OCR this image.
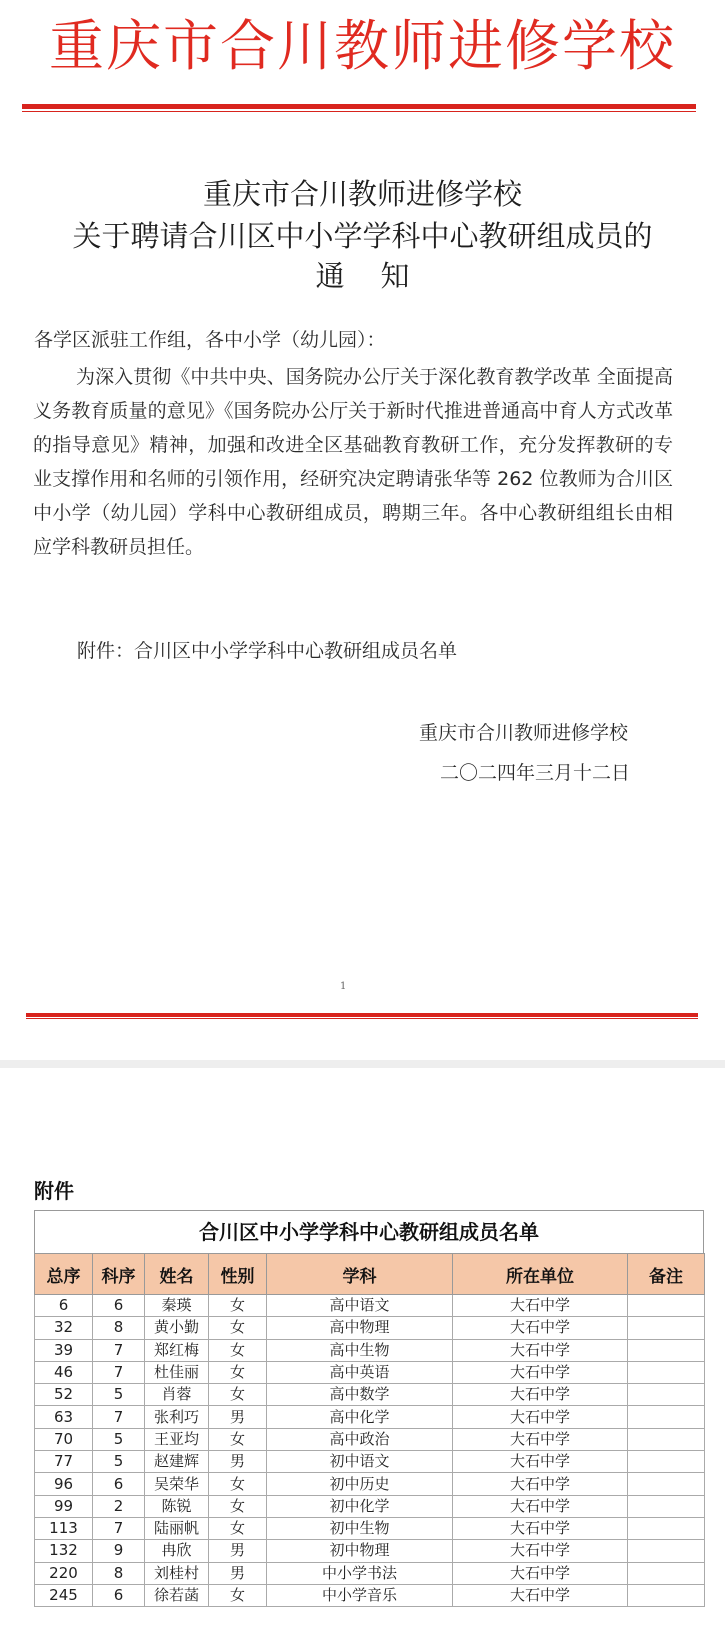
重庆市合川教师进修学校
重庆市合川教师进修学校
关于聘请合川区中小学学科中心教研组成员的
通知
各学区派驻工作组，各中小学（幼儿园）：
为深入贯彻《中共中央、国务院办公厅关于深化教育教学改革 全面提高义务教育质量的意见》《国务院办公厅关于新时代推进普通高中育人方式改革的指导意见》精神，加强和改进全区基础教育教研工作，充分发挥教研的专业支撑作用和名师的引领作用，经研究决定聘请张华等 262 位教师为合川区中小学（幼儿园）学科中心教研组成员，聘期三年。各中心教研组组长由相应学科教研员担任。
附件：合川区中小学学科中心教研组成员名单
重庆市合川教师进修学校
二〇二四年三月十二日
1
附件
合川区中小学学科中心教研组成员名单
总序	科序	姓名	性别	学科	所在单位	备注
6	6	秦瑛	女	高中语文	大石中学	
32	8	黄小勤	女	高中物理	大石中学	
39	7	郑红梅	女	高中生物	大石中学	
46	7	杜佳丽	女	高中英语	大石中学	
52	5	肖蓉	女	高中数学	大石中学	
63	7	张利巧	男	高中化学	大石中学	
70	5	王亚均	女	高中政治	大石中学	
77	5	赵建辉	男	初中语文	大石中学	
96	6	吴荣华	女	初中历史	大石中学	
99	2	陈锐	女	初中化学	大石中学	
113	7	陆丽帆	女	初中生物	大石中学	
132	9	冉欣	男	初中物理	大石中学	
220	8	刘桂村	男	中小学书法	大石中学	
245	6	徐若菡	女	中小学音乐	大石中学	
